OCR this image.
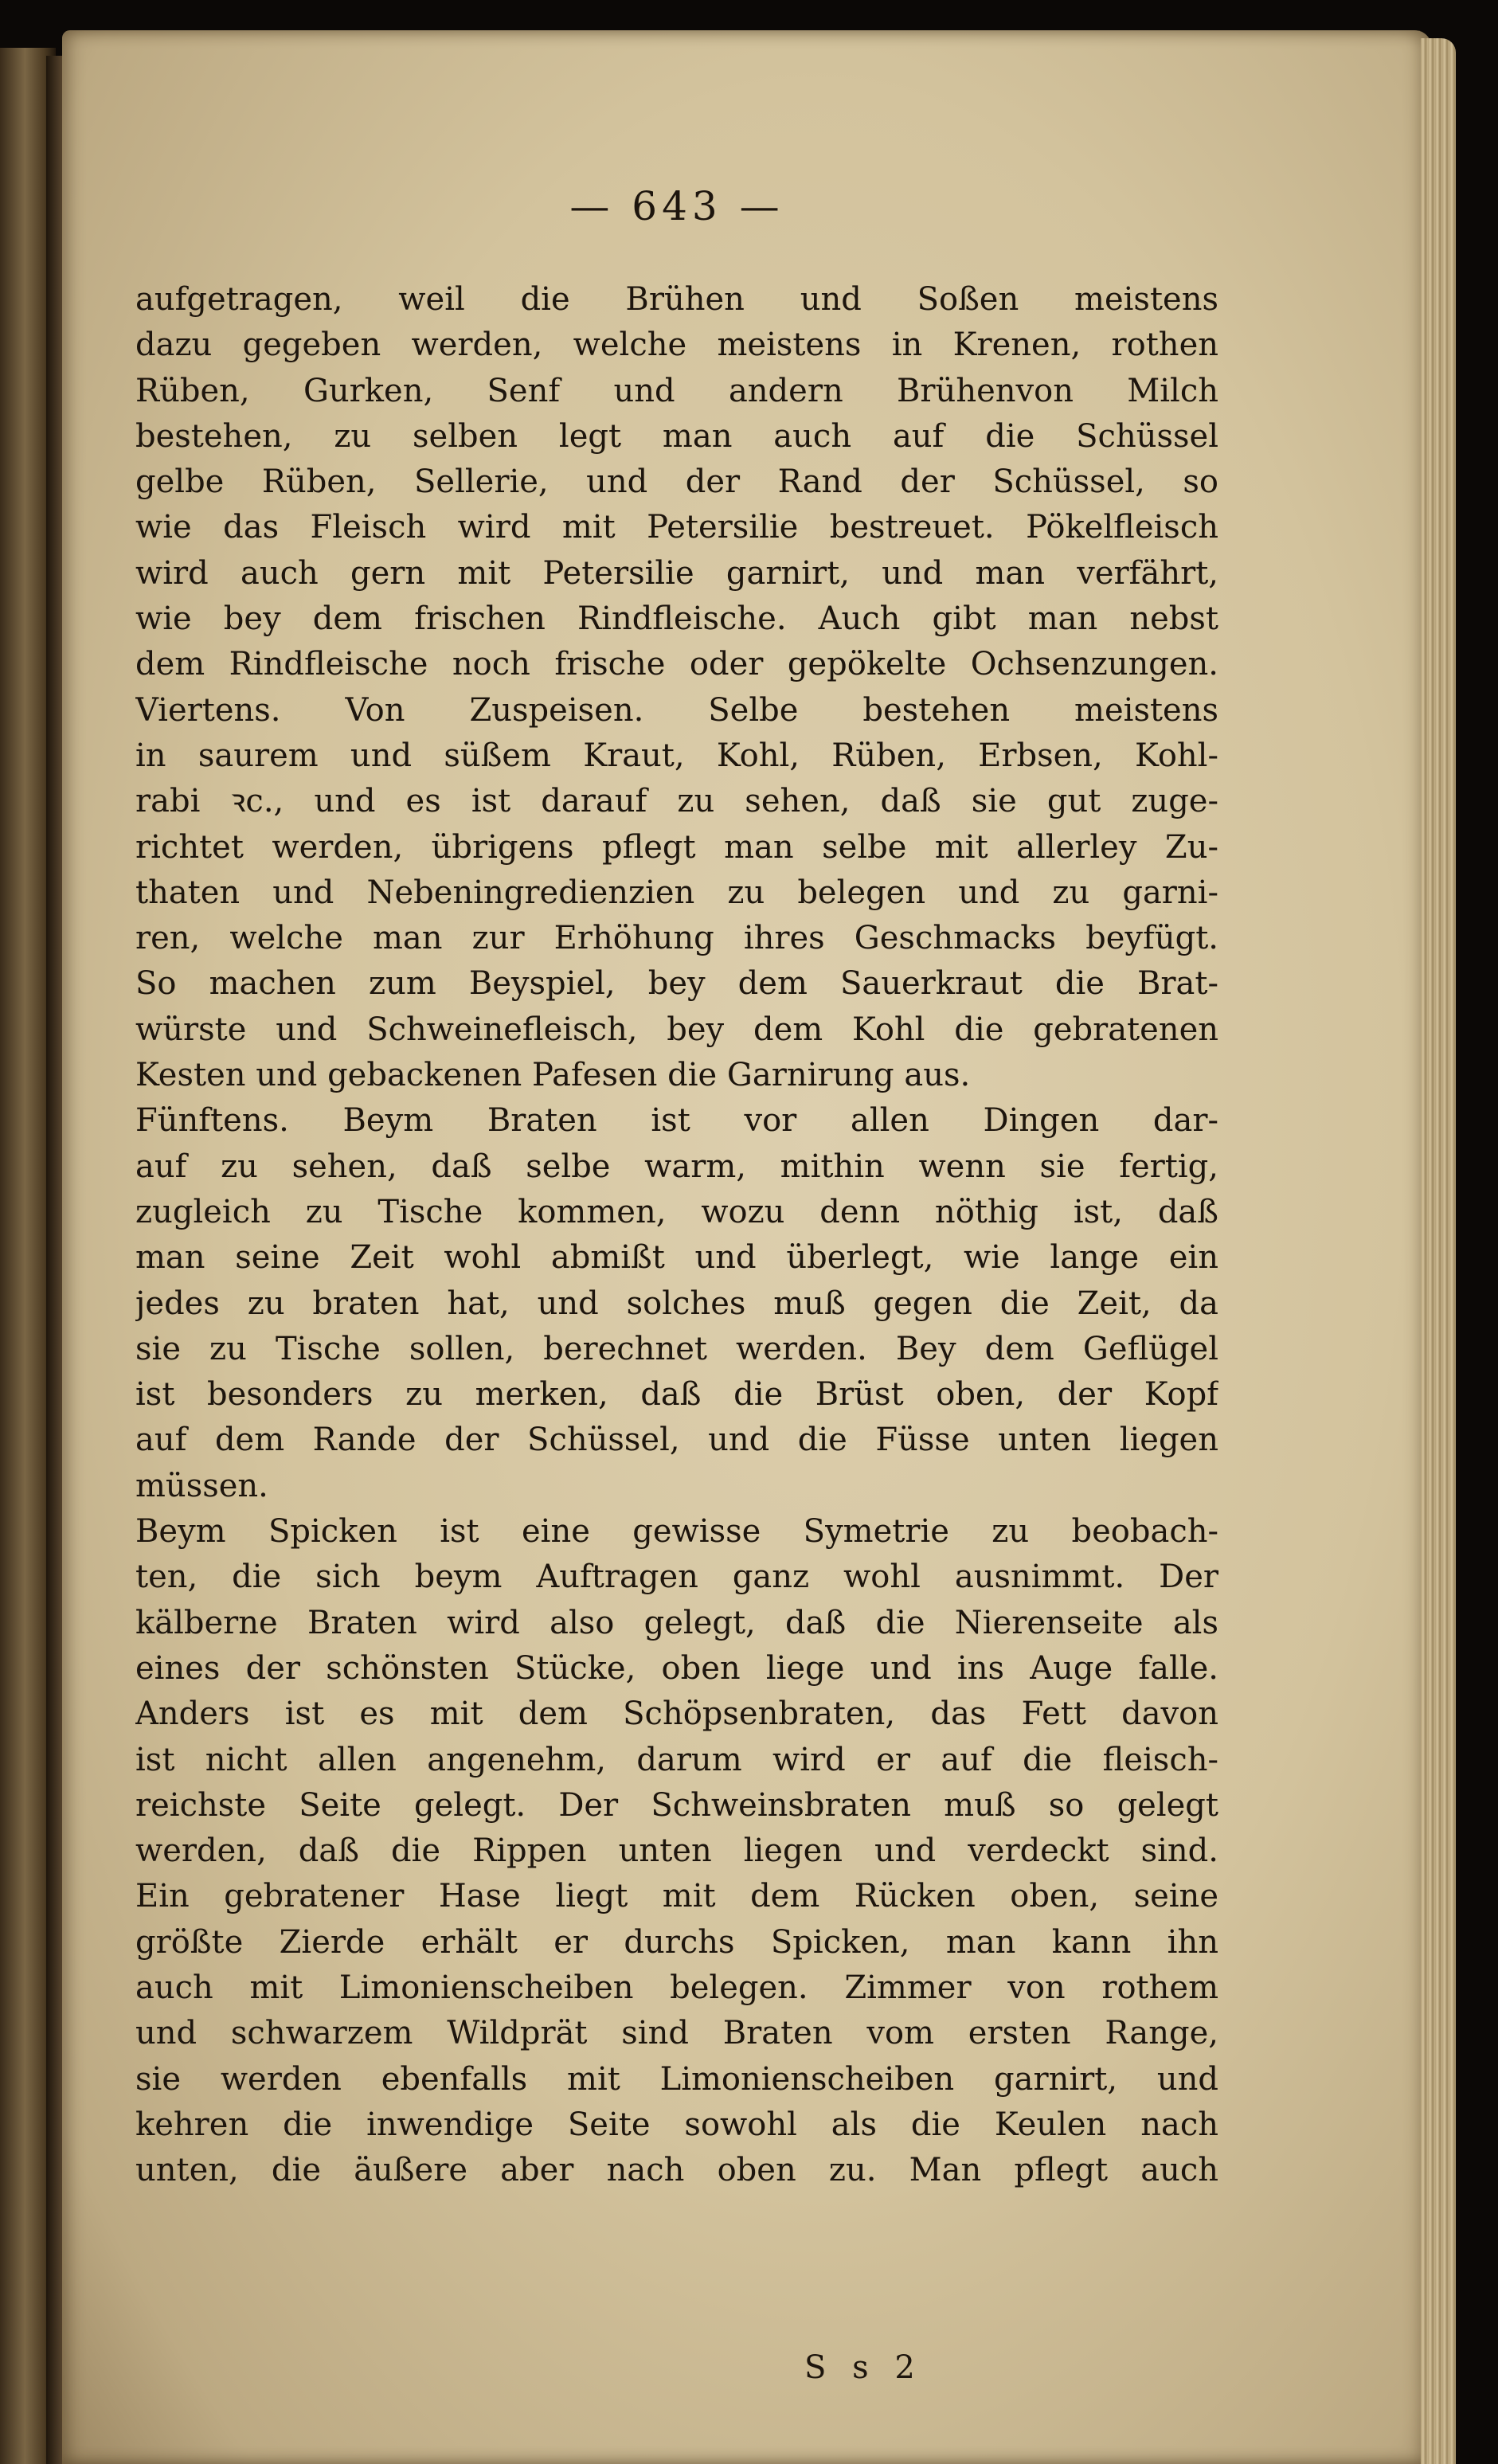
— 643 —
aufgetragen, weil die Brühen und Soßen meistens
dazu gegeben werden, welche meistens in Krenen, rothen
Rüben, Gurken, Senf und andern Brühenvon Milch
bestehen, zu selben legt man auch auf die Schüssel
gelbe Rüben, Sellerie, und der Rand der Schüssel, so
wie das Fleisch wird mit Petersilie bestreuet. Pökelfleisch
wird auch gern mit Petersilie garnirt, und man verfährt,
wie bey dem frischen Rindfleische. Auch gibt man nebst
dem Rindfleische noch frische oder gepökelte Ochsenzungen.
Viertens. Von Zuspeisen. Selbe bestehen meistens
in saurem und süßem Kraut, Kohl, Rüben, Erbsen, Kohl-
rabi ꝛc., und es ist darauf zu sehen, daß sie gut zuge-
richtet werden, übrigens pflegt man selbe mit allerley Zu-
thaten und Nebeningredienzien zu belegen und zu garni-
ren, welche man zur Erhöhung ihres Geschmacks beyfügt.
So machen zum Beyspiel, bey dem Sauerkraut die Brat-
würste und Schweinefleisch, bey dem Kohl die gebratenen
Kesten und gebackenen Pafesen die Garnirung aus.
Fünftens. Beym Braten ist vor allen Dingen dar-
auf zu sehen, daß selbe warm, mithin wenn sie fertig,
zugleich zu Tische kommen, wozu denn nöthig ist, daß
man seine Zeit wohl abmißt und überlegt, wie lange ein
jedes zu braten hat, und solches muß gegen die Zeit, da
sie zu Tische sollen, berechnet werden. Bey dem Geflügel
ist besonders zu merken, daß die Brüst oben, der Kopf
auf dem Rande der Schüssel, und die Füsse unten liegen
müssen.
Beym Spicken ist eine gewisse Symetrie zu beobach-
ten, die sich beym Auftragen ganz wohl ausnimmt. Der
kälberne Braten wird also gelegt, daß die Nierenseite als
eines der schönsten Stücke, oben liege und ins Auge falle.
Anders ist es mit dem Schöpsenbraten, das Fett davon
ist nicht allen angenehm, darum wird er auf die fleisch-
reichste Seite gelegt. Der Schweinsbraten muß so gelegt
werden, daß die Rippen unten liegen und verdeckt sind.
Ein gebratener Hase liegt mit dem Rücken oben, seine
größte Zierde erhält er durchs Spicken, man kann ihn
auch mit Limonienscheiben belegen. Zimmer von rothem
und schwarzem Wildprät sind Braten vom ersten Range,
sie werden ebenfalls mit Limonienscheiben garnirt, und
kehren die inwendige Seite sowohl als die Keulen nach
unten, die äußere aber nach oben zu. Man pflegt auch
S s 2
